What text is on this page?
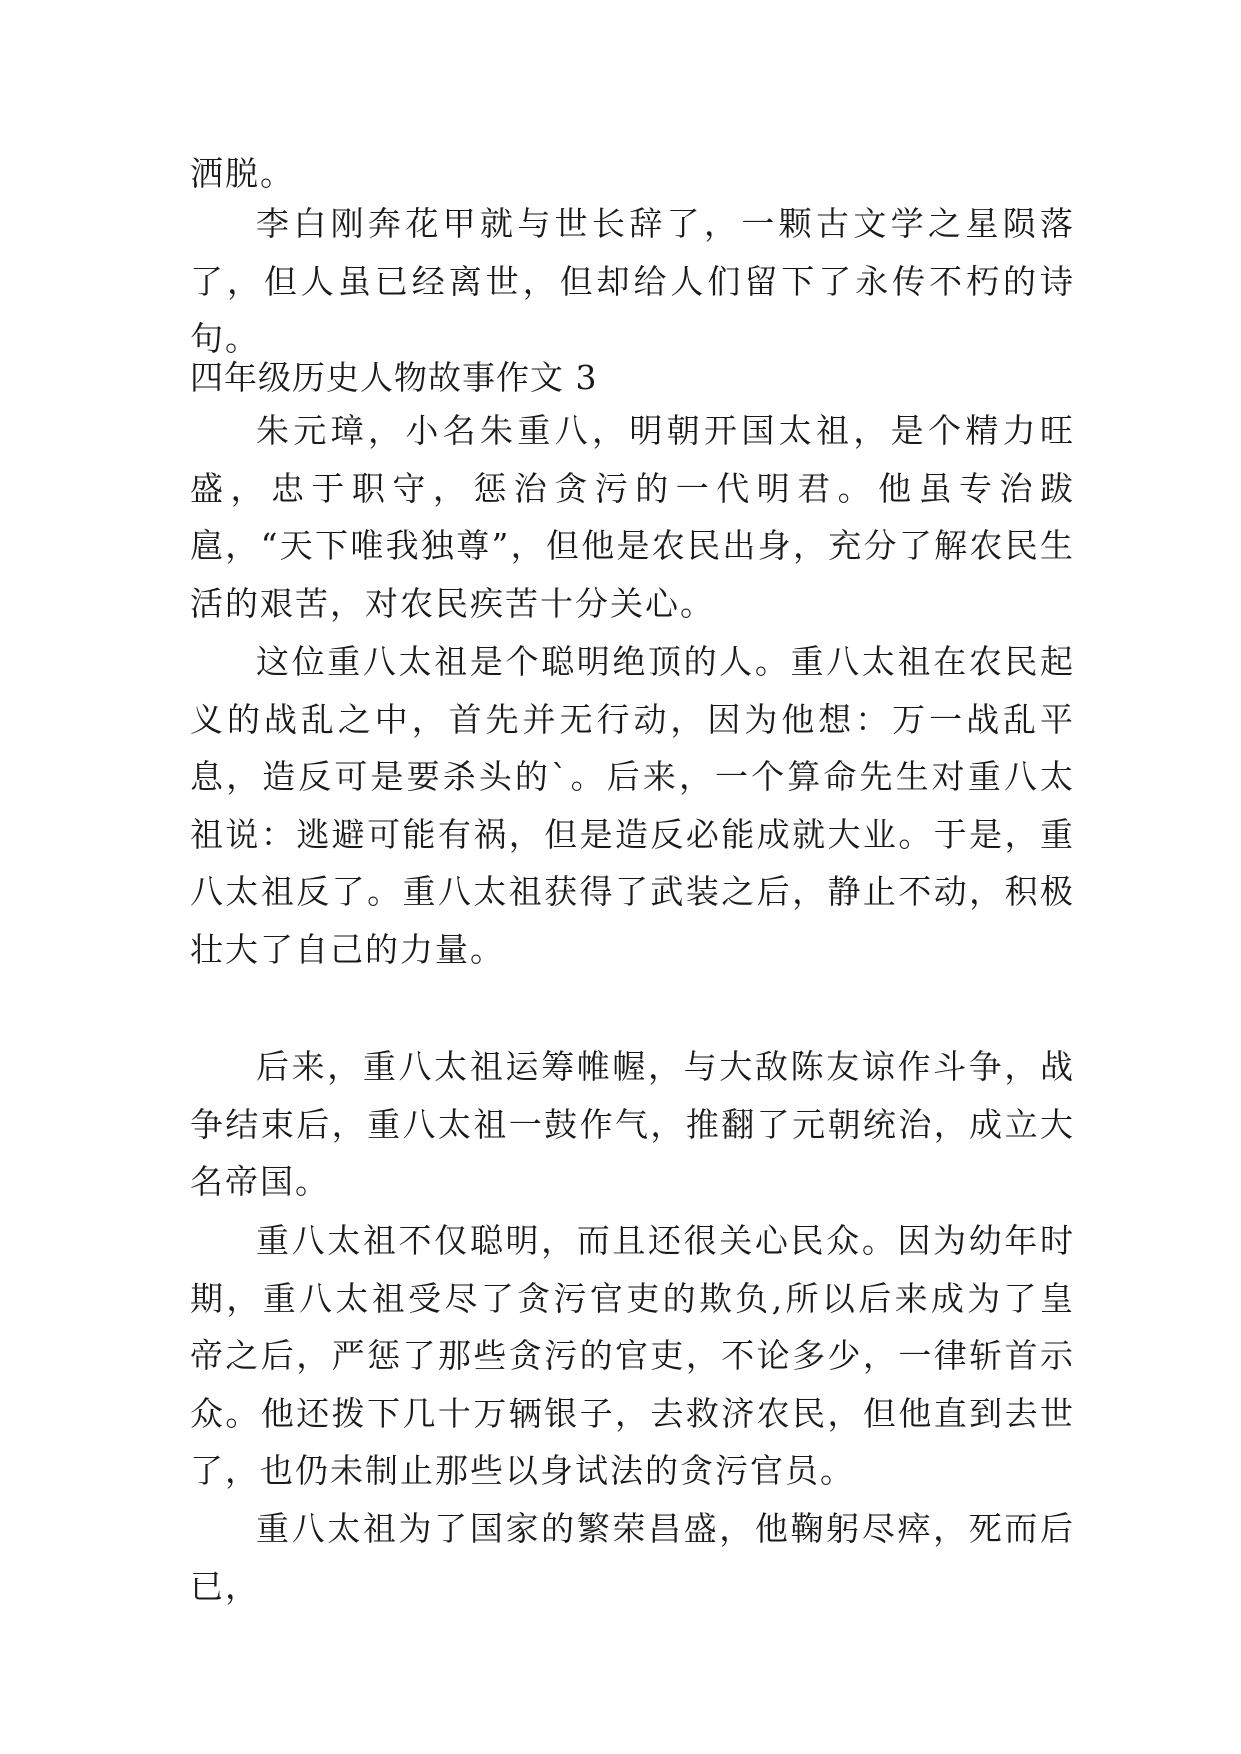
洒脱。

李白刚奔花甲就与世长辞了，一颗古文学之星陨落了，但人虽已经离世，但却给人们留下了永传不朽的诗句。

四年级历史人物故事作文 3

朱元璋，小名朱重八，明朝开国太祖，是个精力旺盛，忠于职守，惩治贪污的一代明君。他虽专治跋扈，“天下唯我独尊”，但他是农民出身，充分了解农民生活的艰苦，对农民疾苦十分关心。

这位重八太祖是个聪明绝顶的人。重八太祖在农民起义的战乱之中，首先并无行动，因为他想：万一战乱平息，造反可是要杀头的`。后来，一个算命先生对重八太祖说：逃避可能有祸，但是造反必能成就大业。于是，重八太祖反了。重八太祖获得了武装之后，静止不动，积极壮大了自己的力量。

后来，重八太祖运筹帷幄，与大敌陈友谅作斗争，战争结束后，重八太祖一鼓作气，推翻了元朝统治，成立大名帝国。

重八太祖不仅聪明，而且还很关心民众。因为幼年时期，重八太祖受尽了贪污官吏的欺负,所以后来成为了皇帝之后，严惩了那些贪污的官吏，不论多少，一律斩首示众。他还拨下几十万辆银子，去救济农民，但他直到去世了，也仍未制止那些以身试法的贪污官员。

重八太祖为了国家的繁荣昌盛，他鞠躬尽瘁，死而后已，
